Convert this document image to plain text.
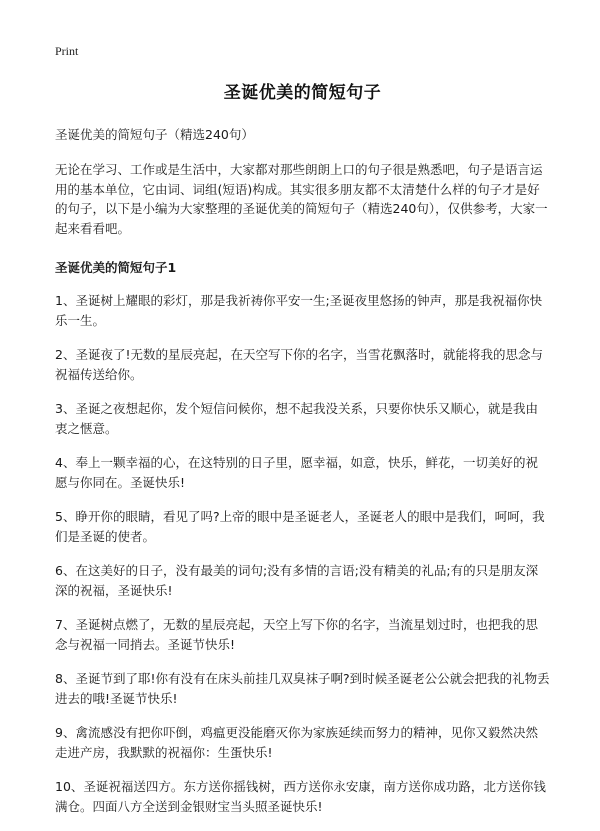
Print
圣诞优美的简短句子

圣诞优美的简短句子（精选240句）

无论在学习、工作或是生活中，大家都对那些朗朗上口的句子很是熟悉吧，句子是语言运用的基本单位，它由词、词组(短语)构成。其实很多朋友都不太清楚什么样的句子才是好的句子，以下是小编为大家整理的圣诞优美的简短句子（精选240句），仅供参考，大家一起来看看吧。

圣诞优美的简短句子1

1、圣诞树上耀眼的彩灯，那是我祈祷你平安一生;圣诞夜里悠扬的钟声，那是我祝福你快乐一生。

2、圣诞夜了!无数的星辰亮起，在天空写下你的名字，当雪花飘落时，就能将我的思念与祝福传送给你。

3、圣诞之夜想起你，发个短信问候你，想不起我没关系，只要你快乐又顺心，就是我由衷之惬意。

4、奉上一颗幸福的心，在这特别的日子里，愿幸福，如意，快乐，鲜花，一切美好的祝愿与你同在。圣诞快乐!

5、睁开你的眼睛，看见了吗?上帝的眼中是圣诞老人，圣诞老人的眼中是我们，呵呵，我们是圣诞的使者。

6、在这美好的日子，没有最美的词句;没有多情的言语;没有精美的礼品;有的只是朋友深深的祝福，圣诞快乐!

7、圣诞树点燃了，无数的星辰亮起，天空上写下你的名字，当流星划过时，也把我的思念与祝福一同捎去。圣诞节快乐!

8、圣诞节到了耶!你有没有在床头前挂几双臭袜子啊?到时候圣诞老公公就会把我的礼物丢进去的哦!圣诞节快乐!

9、禽流感没有把你吓倒，鸡瘟更没能磨灭你为家族延续而努力的精神，见你又毅然决然走进产房，我默默的祝福你：生蛋快乐!

10、圣诞祝福送四方。东方送你摇钱树，西方送你永安康，南方送你成功路，北方送你钱满仓。四面八方全送到金银财宝当头照圣诞快乐!
